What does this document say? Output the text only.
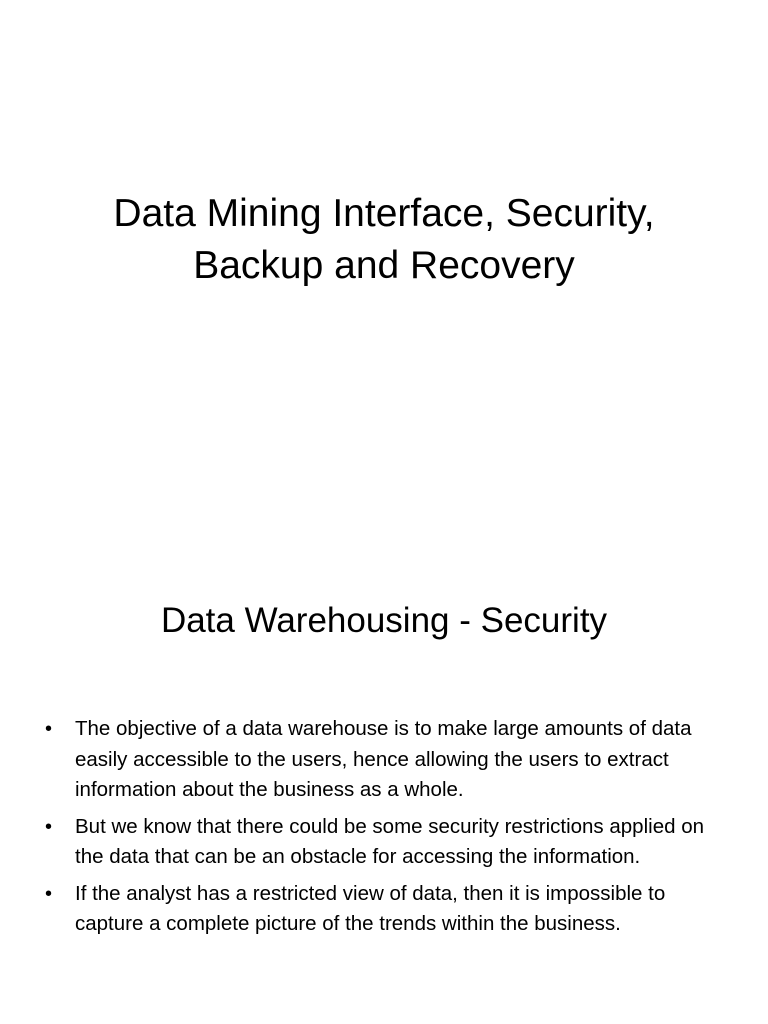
Data Mining Interface, Security,
Backup and Recovery
Data Warehousing - Security
• The objective of a data warehouse is to make large amounts of data easily accessible to the users, hence allowing the users to extract information about the business as a whole.
• But we know that there could be some security restrictions applied on the data that can be an obstacle for accessing the information.
• If the analyst has a restricted view of data, then it is impossible to capture a complete picture of the trends within the business.
